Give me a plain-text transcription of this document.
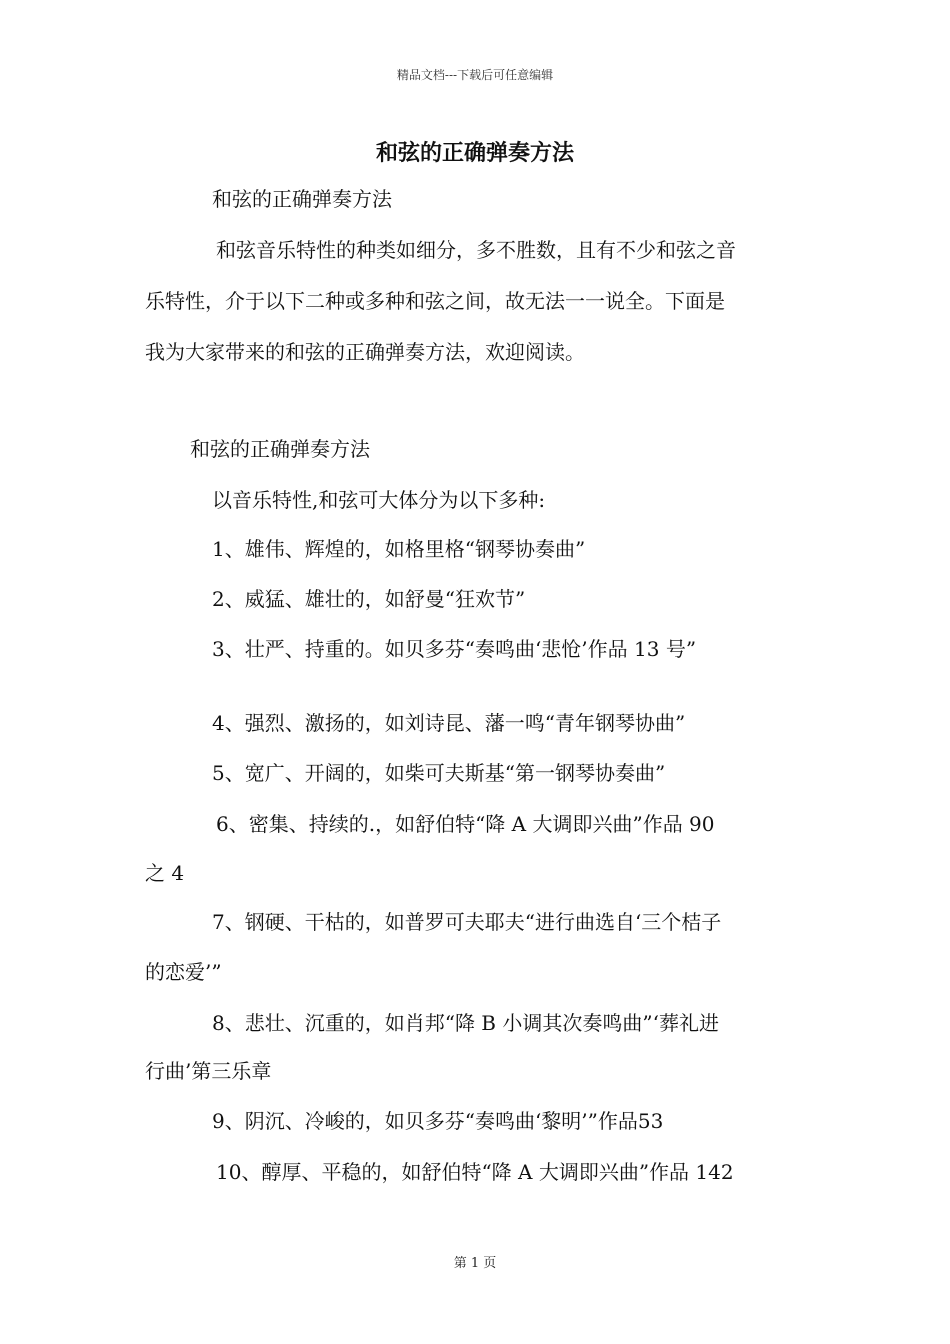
精品文档---下载后可任意编辑
和弦的正确弹奏方法
和弦的正确弹奏方法
和弦音乐特性的种类如细分，多不胜数，且有不少和弦之音
乐特性，介于以下二种或多种和弦之间，故无法一一说全。下面是
我为大家带来的和弦的正确弹奏方法，欢迎阅读。
和弦的正确弹奏方法
以音乐特性,和弦可大体分为以下多种:
1、雄伟、辉煌的，如格里格“钢琴协奏曲”
2、威猛、雄壮的，如舒曼“狂欢节”
3、壮严、持重的。如贝多芬“奏鸣曲‘悲怆’作品 13 号”
4、强烈、激扬的，如刘诗昆、藩一鸣“青年钢琴协曲”
5、宽广、开阔的，如柴可夫斯基“第一钢琴协奏曲”
6、密集、持续的.，如舒伯特“降 A 大调即兴曲”作品 90
之 4
7、钢硬、干枯的，如普罗可夫耶夫“进行曲选自‘三个桔子
的恋爱’”
8、悲壮、沉重的，如肖邦“降 B 小调其次奏鸣曲”‘葬礼进
行曲’第三乐章
9、阴沉、冷峻的，如贝多芬“奏鸣曲‘黎明’”作品53
10、醇厚、平稳的，如舒伯特“降 A 大调即兴曲”作品 142
第 1 页
